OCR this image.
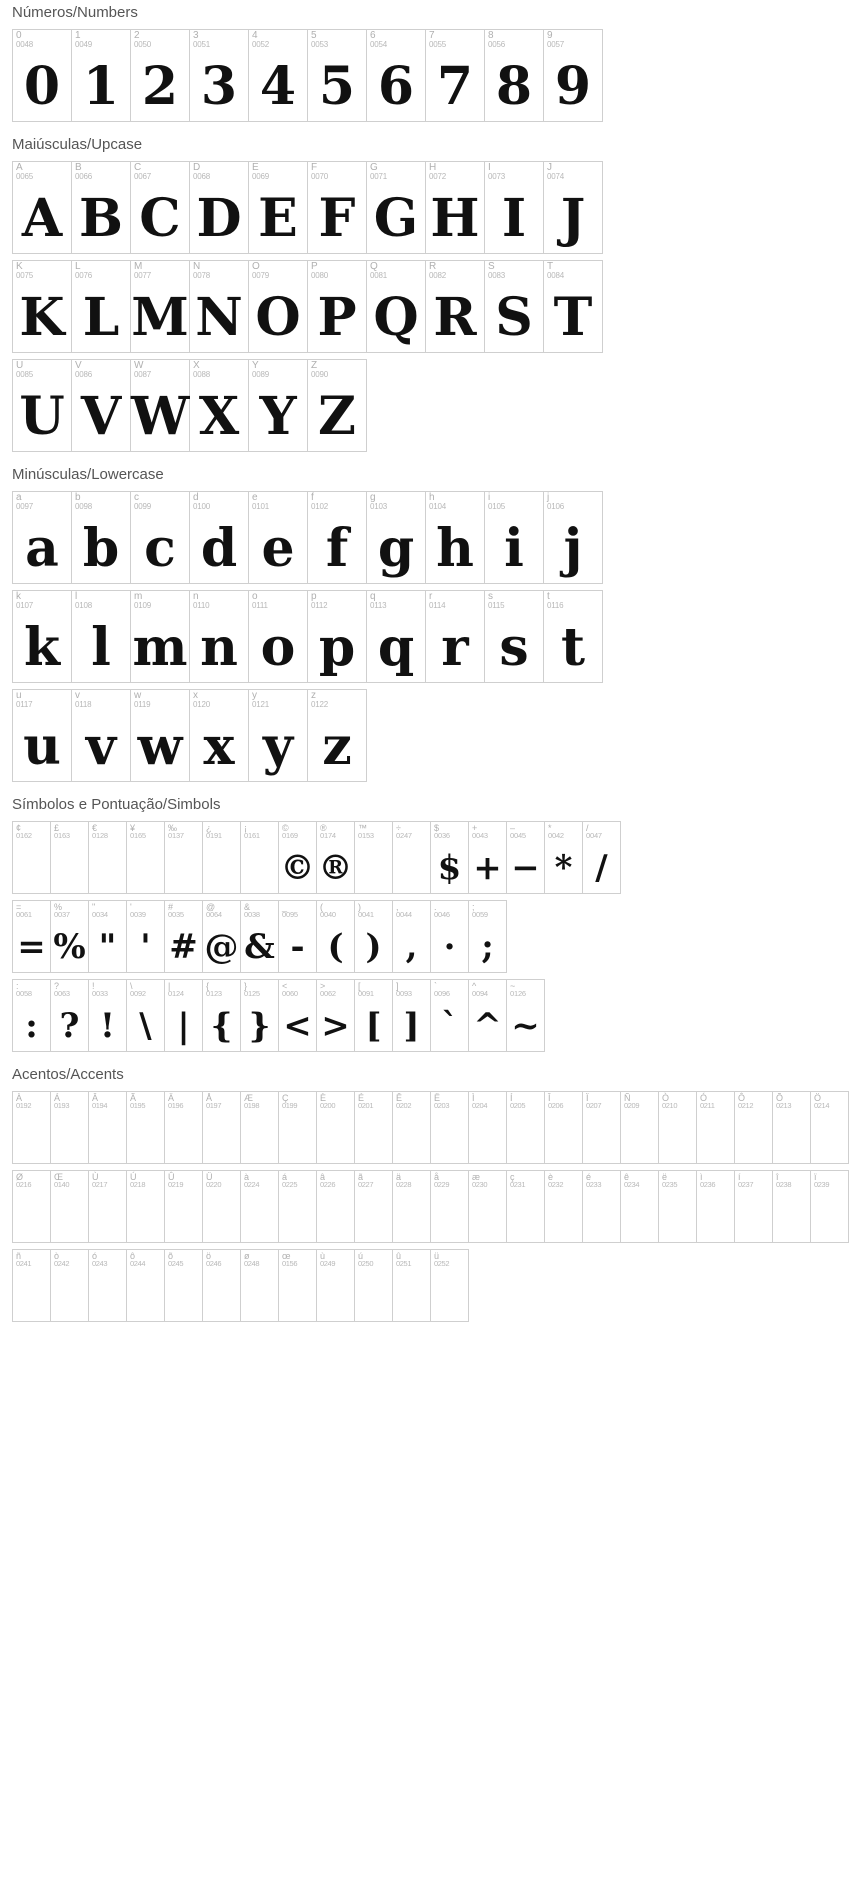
Números/Numbers
0
0048
0
1
0049
1
2
0050
2
3
0051
3
4
0052
4
5
0053
5
6
0054
6
7
0055
7
8
0056
8
9
0057
9
Maiúsculas/Upcase
A
0065
A
B
0066
B
C
0067
C
D
0068
D
E
0069
E
F
0070
F
G
0071
G
H
0072
H
I
0073
I
J
0074
J
K
0075
K
L
0076
L
M
0077
M
N
0078
N
O
0079
O
P
0080
P
Q
0081
Q
R
0082
R
S
0083
S
T
0084
T
U
0085
U
V
0086
V
W
0087
W
X
0088
X
Y
0089
Y
Z
0090
Z
Minúsculas/Lowercase
a
0097
a
b
0098
b
c
0099
c
d
0100
d
e
0101
e
f
0102
f
g
0103
g
h
0104
h
i
0105
i
j
0106
j
k
0107
k
l
0108
l
m
0109
m
n
0110
n
o
0111
o
p
0112
p
q
0113
q
r
0114
r
s
0115
s
t
0116
t
u
0117
u
v
0118
v
w
0119
w
x
0120
x
y
0121
y
z
0122
z
Símbolos e Pontuação/Simbols
¢
0162
£
0163
€
0128
¥
0165
‰
0137
¿
0191
¡
0161
©
0169
©
®
0174
®
™
0153
÷
0247
$
0036
$
+
0043
+
–
0045
−
*
0042
*
/
0047
/
=
0061
=
%
0037
%
"
0034
"
'
0039
'
#
0035
#
@
0064
@
&
0038
&
_
0095
-
(
0040
(
)
0041
)
,
0044
,
.
0046
·
;
0059
;
:
0058
:
?
0063
?
!
0033
!
\
0092
\
|
0124
|
{
0123
{
}
0125
}
<
0060
<
>
0062
>
[
0091
[
]
0093
]
`
0096
`
^
0094
^
~
0126
~
Acentos/Accents
À
0192
Á
0193
Â
0194
Ã
0195
Ä
0196
Å
0197
Æ
0198
Ç
0199
È
0200
É
0201
Ê
0202
Ë
0203
Ì
0204
Í
0205
Î
0206
Ï
0207
Ñ
0209
Ò
0210
Ó
0211
Ô
0212
Õ
0213
Ö
0214
Ø
0216
Œ
0140
Ù
0217
Ú
0218
Û
0219
Ü
0220
à
0224
á
0225
â
0226
ã
0227
ä
0228
å
0229
æ
0230
ç
0231
è
0232
é
0233
ê
0234
ë
0235
ì
0236
í
0237
î
0238
ï
0239
ñ
0241
ò
0242
ó
0243
ô
0244
õ
0245
ö
0246
ø
0248
œ
0156
ù
0249
ú
0250
û
0251
ü
0252
